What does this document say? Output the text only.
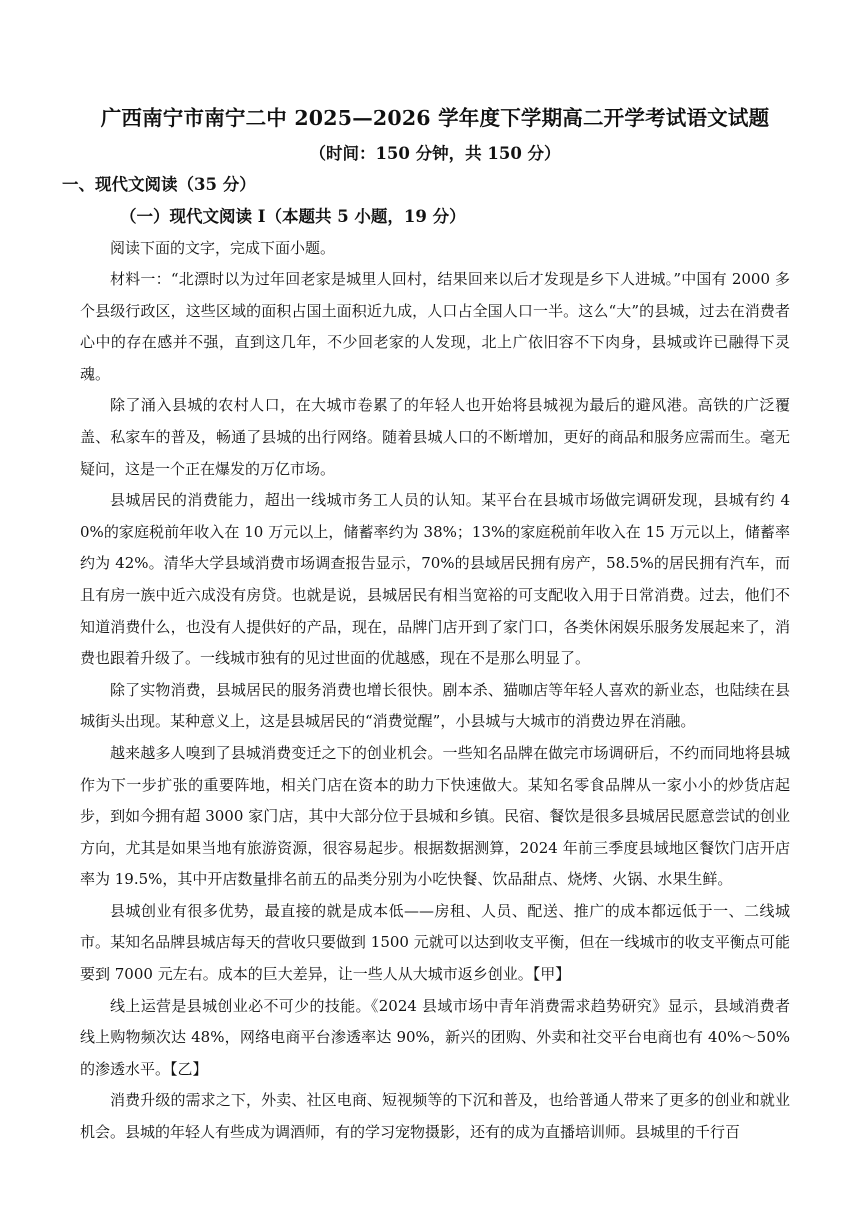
广西南宁市南宁二中 2025—2026 学年度下学期高二开学考试语文试题
（时间：150 分钟，共 150 分）
一、现代文阅读（35 分）
（一）现代文阅读 I（本题共 5 小题，19 分）

阅读下面的文字，完成下面小题。

材料一：“北漂时以为过年回老家是城里人回村，结果回来以后才发现是乡下人进城。”中国有 2000 多个县级行政区，这些区域的面积占国土面积近九成，人口占全国人口一半。这么“大”的县城，过去在消费者心中的存在感并不强，直到这几年，不少回老家的人发现，北上广依旧容不下肉身，县城或许已融得下灵魂。

除了涌入县城的农村人口，在大城市卷累了的年轻人也开始将县城视为最后的避风港。高铁的广泛覆盖、私家车的普及，畅通了县城的出行网络。随着县城人口的不断增加，更好的商品和服务应需而生。毫无疑问，这是一个正在爆发的万亿市场。

县城居民的消费能力，超出一线城市务工人员的认知。某平台在县城市场做完调研发现，县城有约 40%的家庭税前年收入在 10 万元以上，储蓄率约为 38%；13%的家庭税前年收入在 15 万元以上，储蓄率约为 42%。清华大学县域消费市场调查报告显示，70%的县域居民拥有房产，58.5%的居民拥有汽车，而且有房一族中近六成没有房贷。也就是说，县城居民有相当宽裕的可支配收入用于日常消费。过去，他们不知道消费什么，也没有人提供好的产品，现在，品牌门店开到了家门口，各类休闲娱乐服务发展起来了，消费也跟着升级了。一线城市独有的见过世面的优越感，现在不是那么明显了。

除了实物消费，县城居民的服务消费也增长很快。剧本杀、猫咖店等年轻人喜欢的新业态，也陆续在县城街头出现。某种意义上，这是县城居民的“消费觉醒”，小县城与大城市的消费边界在消融。

越来越多人嗅到了县城消费变迁之下的创业机会。一些知名品牌在做完市场调研后，不约而同地将县城作为下一步扩张的重要阵地，相关门店在资本的助力下快速做大。某知名零食品牌从一家小小的炒货店起步，到如今拥有超 3000 家门店，其中大部分位于县城和乡镇。民宿、餐饮是很多县城居民愿意尝试的创业方向，尤其是如果当地有旅游资源，很容易起步。根据数据测算，2024 年前三季度县域地区餐饮门店开店率为 19.5%，其中开店数量排名前五的品类分别为小吃快餐、饮品甜点、烧烤、火锅、水果生鲜。

县城创业有很多优势，最直接的就是成本低——房租、人员、配送、推广的成本都远低于一、二线城市。某知名品牌县城店每天的营收只要做到 1500 元就可以达到收支平衡，但在一线城市的收支平衡点可能要到 7000 元左右。成本的巨大差异，让一些人从大城市返乡创业。【甲】

线上运营是县城创业必不可少的技能。《2024 县域市场中青年消费需求趋势研究》显示，县域消费者线上购物频次达 48%，网络电商平台渗透率达 90%，新兴的团购、外卖和社交平台电商也有 40%～50%的渗透水平。【乙】

消费升级的需求之下，外卖、社区电商、短视频等的下沉和普及，也给普通人带来了更多的创业和就业机会。县城的年轻人有些成为调酒师，有的学习宠物摄影，还有的成为直播培训师。县城里的千行百
